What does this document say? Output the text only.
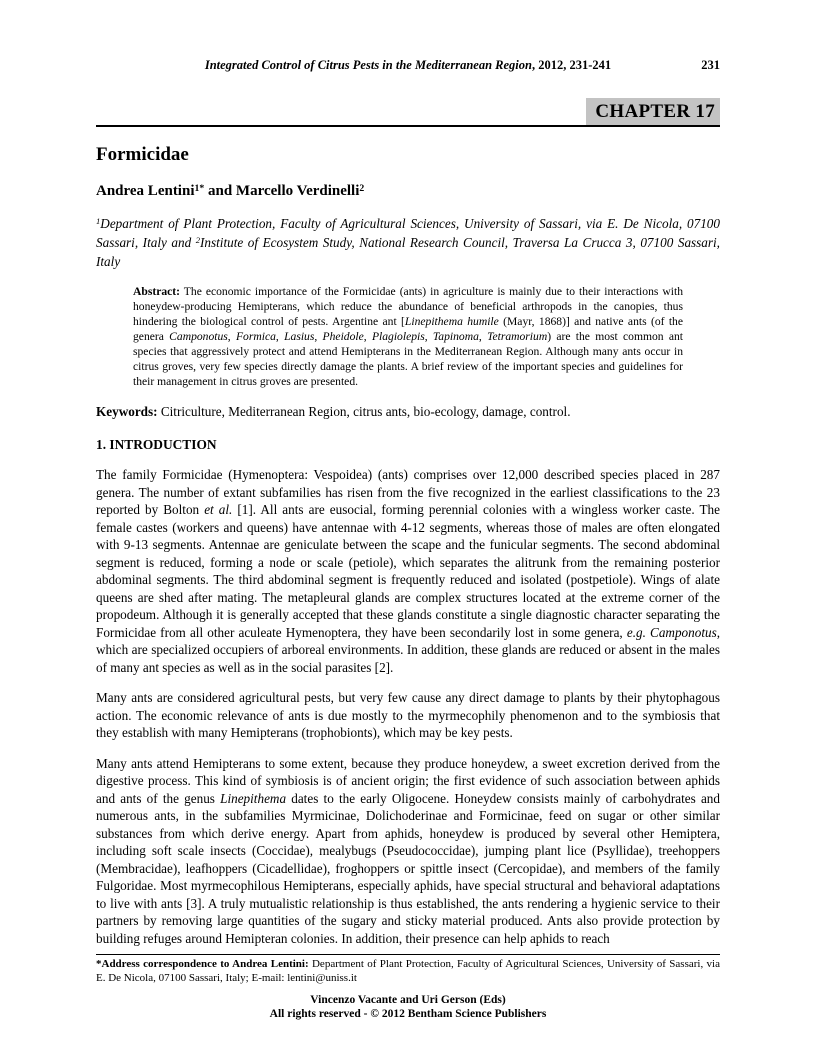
Integrated Control of Citrus Pests in the Mediterranean Region, 2012, 231-241	231
CHAPTER 17
Formicidae
Andrea Lentini$^{1*}$ and Marcello Verdinelli$^2$
$^1$Department of Plant Protection, Faculty of Agricultural Sciences, University of Sassari, via E. De Nicola, 07100 Sassari, Italy and $^2$Institute of Ecosystem Study, National Research Council, Traversa La Crucca 3, 07100 Sassari, Italy
Abstract: The economic importance of the Formicidae (ants) in agriculture is mainly due to their interactions with honeydew-producing Hemipterans, which reduce the abundance of beneficial arthropods in the canopies, thus hindering the biological control of pests. Argentine ant [Linepithema humile (Mayr, 1868)] and native ants (of the genera Camponotus, Formica, Lasius, Pheidole, Plagiolepis, Tapinoma, Tetramorium) are the most common ant species that aggressively protect and attend Hemipterans in the Mediterranean Region. Although many ants occur in citrus groves, very few species directly damage the plants. A brief review of the important species and guidelines for their management in citrus groves are presented.
Keywords: Citriculture, Mediterranean Region, citrus ants, bio-ecology, damage, control.
1. INTRODUCTION

The family Formicidae (Hymenoptera: Vespoidea) (ants) comprises over 12,000 described species placed in 287 genera. The number of extant subfamilies has risen from the five recognized in the earliest classifications to the 23 reported by Bolton et al. [1]. All ants are eusocial, forming perennial colonies with a wingless worker caste. The female castes (workers and queens) have antennae with 4-12 segments, whereas those of males are often elongated with 9-13 segments. Antennae are geniculate between the scape and the funicular segments. The second abdominal segment is reduced, forming a node or scale (petiole), which separates the alitrunk from the remaining posterior abdominal segments. The third abdominal segment is frequently reduced and isolated (postpetiole). Wings of alate queens are shed after mating. The metapleural glands are complex structures located at the extreme corner of the propodeum. Although it is generally accepted that these glands constitute a single diagnostic character separating the Formicidae from all other aculeate Hymenoptera, they have been secondarily lost in some genera, e.g. Camponotus, which are specialized occupiers of arboreal environments. In addition, these glands are reduced or absent in the males of many ant species as well as in the social parasites [2].

Many ants are considered agricultural pests, but very few cause any direct damage to plants by their phytophagous action. The economic relevance of ants is due mostly to the myrmecophily phenomenon and to the symbiosis that they establish with many Hemipterans (trophobionts), which may be key pests.

Many ants attend Hemipterans to some extent, because they produce honeydew, a sweet excretion derived from the digestive process. This kind of symbiosis is of ancient origin; the first evidence of such association between aphids and ants of the genus Linepithema dates to the early Oligocene. Honeydew consists mainly of carbohydrates and numerous ants, in the subfamilies Myrmicinae, Dolichoderinae and Formicinae, feed on sugar or other similar substances from which derive energy. Apart from aphids, honeydew is produced by several other Hemiptera, including soft scale insects (Coccidae), mealybugs (Pseudococcidae), jumping plant lice (Psyllidae), treehoppers (Membracidae), leafhoppers (Cicadellidae), froghoppers or spittle insect (Cercopidae), and members of the family Fulgoridae. Most myrmecophilous Hemipterans, especially aphids, have special structural and behavioral adaptations to live with ants [3]. A truly mutualistic relationship is thus established, the ants rendering a hygienic service to their partners by removing large quantities of the sugary and sticky material produced. Ants also provide protection by building refuges around Hemipteran colonies. In addition, their presence can help aphids to reach

*Address correspondence to Andrea Lentini: Department of Plant Protection, Faculty of Agricultural Sciences, University of Sassari, via E. De Nicola, 07100 Sassari, Italy; E-mail: lentini@uniss.it
Vincenzo Vacante and Uri Gerson (Eds)
All rights reserved - © 2012 Bentham Science Publishers
